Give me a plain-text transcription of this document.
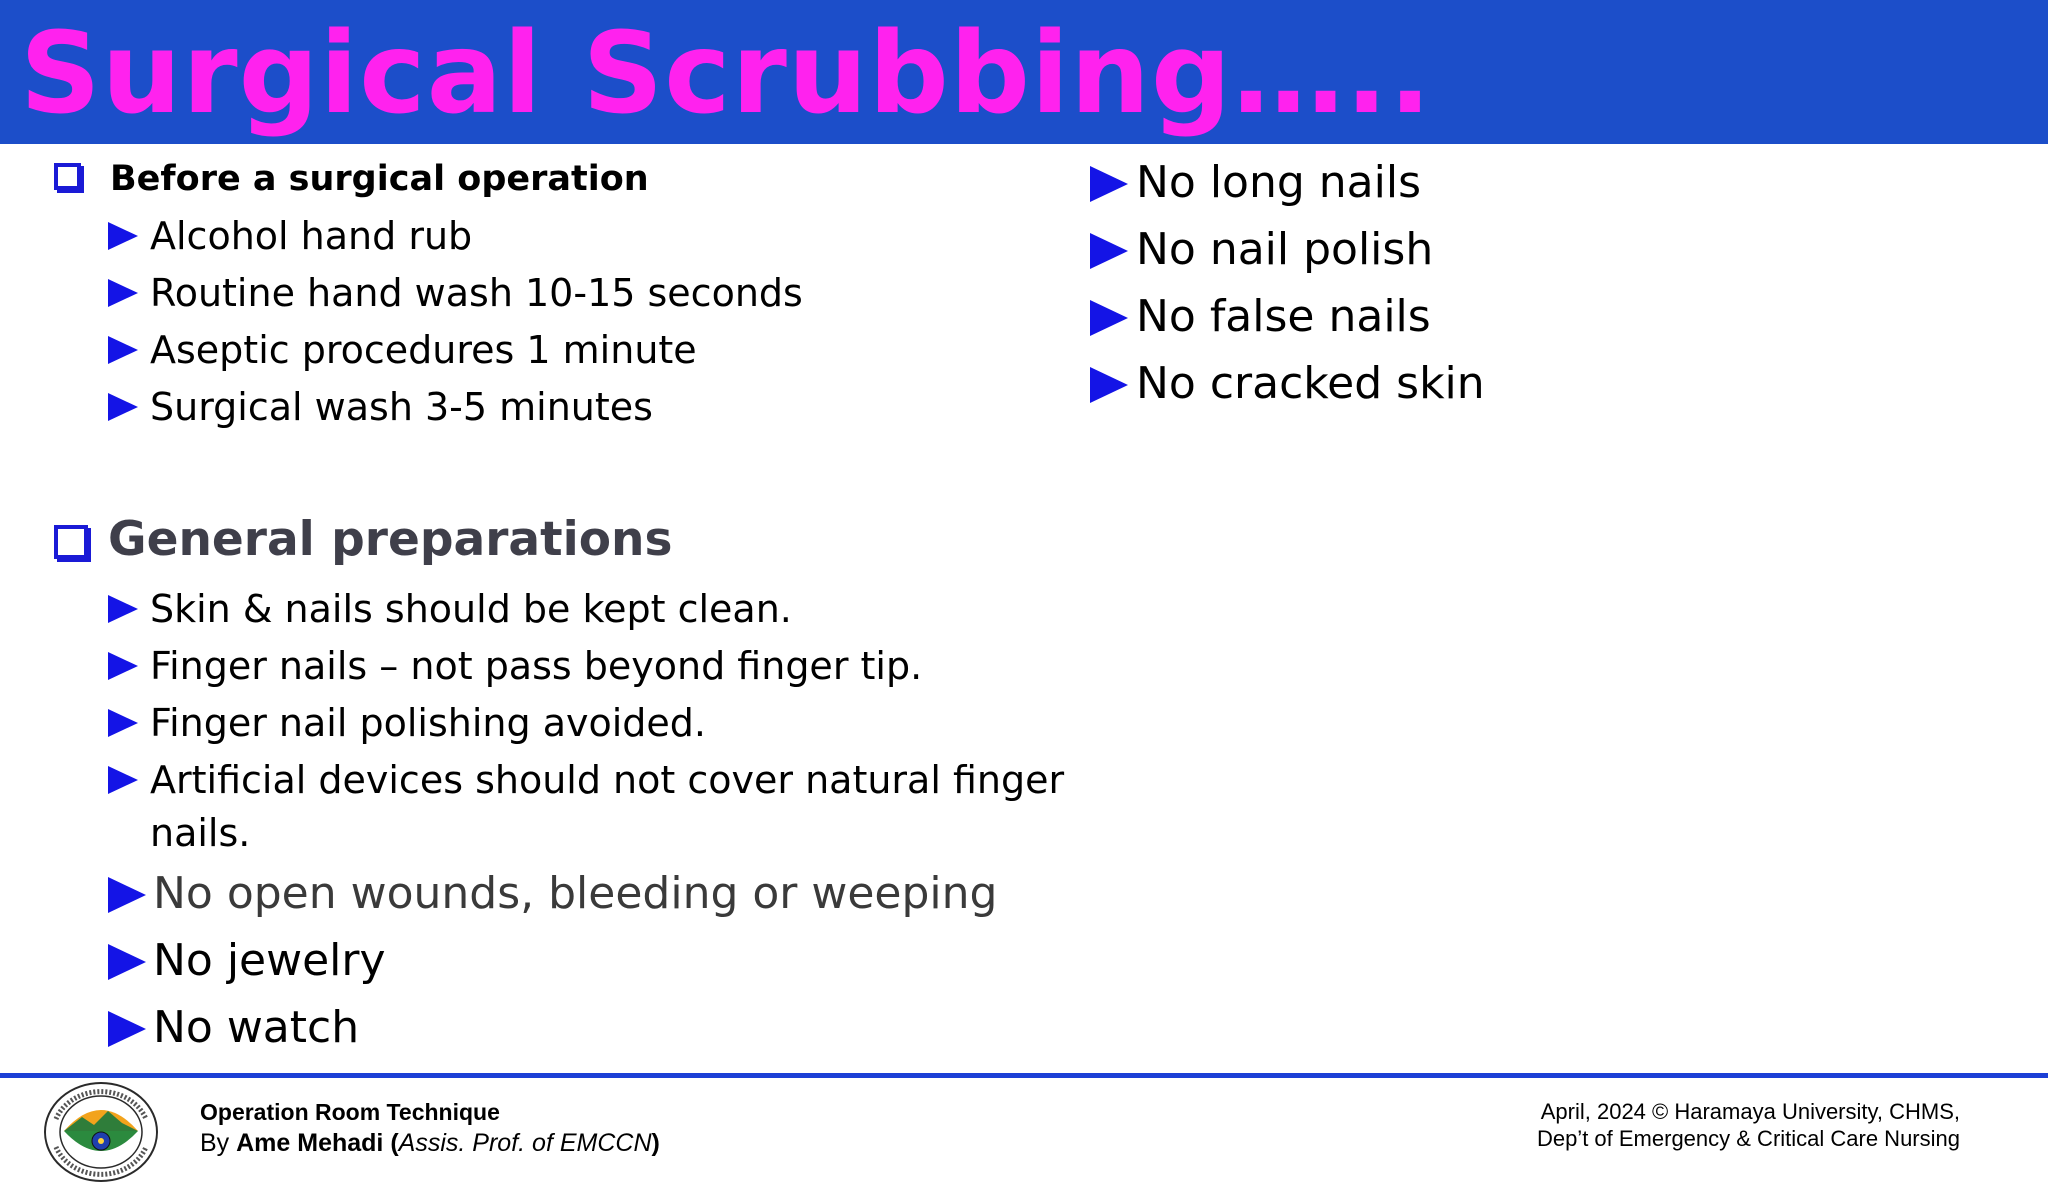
Surgical Scrubbing…..
Before a surgical operation
Alcohol hand rub
Routine hand wash 10-15 seconds
Aseptic procedures 1 minute
Surgical wash 3-5 minutes
General preparations
Skin & nails should be kept clean.
Finger nails – not pass beyond finger tip.
Finger nail polishing avoided.
Artificial devices should not cover natural finger
nails.
No open wounds, bleeding or weeping
No jewelry
No watch
No long nails
No nail polish
No false nails
No cracked skin
Operation Room Technique
By Ame Mehadi (Assis. Prof. of EMCCN)
April, 2024 © Haramaya University, CHMS,
Dep’t of Emergency & Critical Care Nursing
